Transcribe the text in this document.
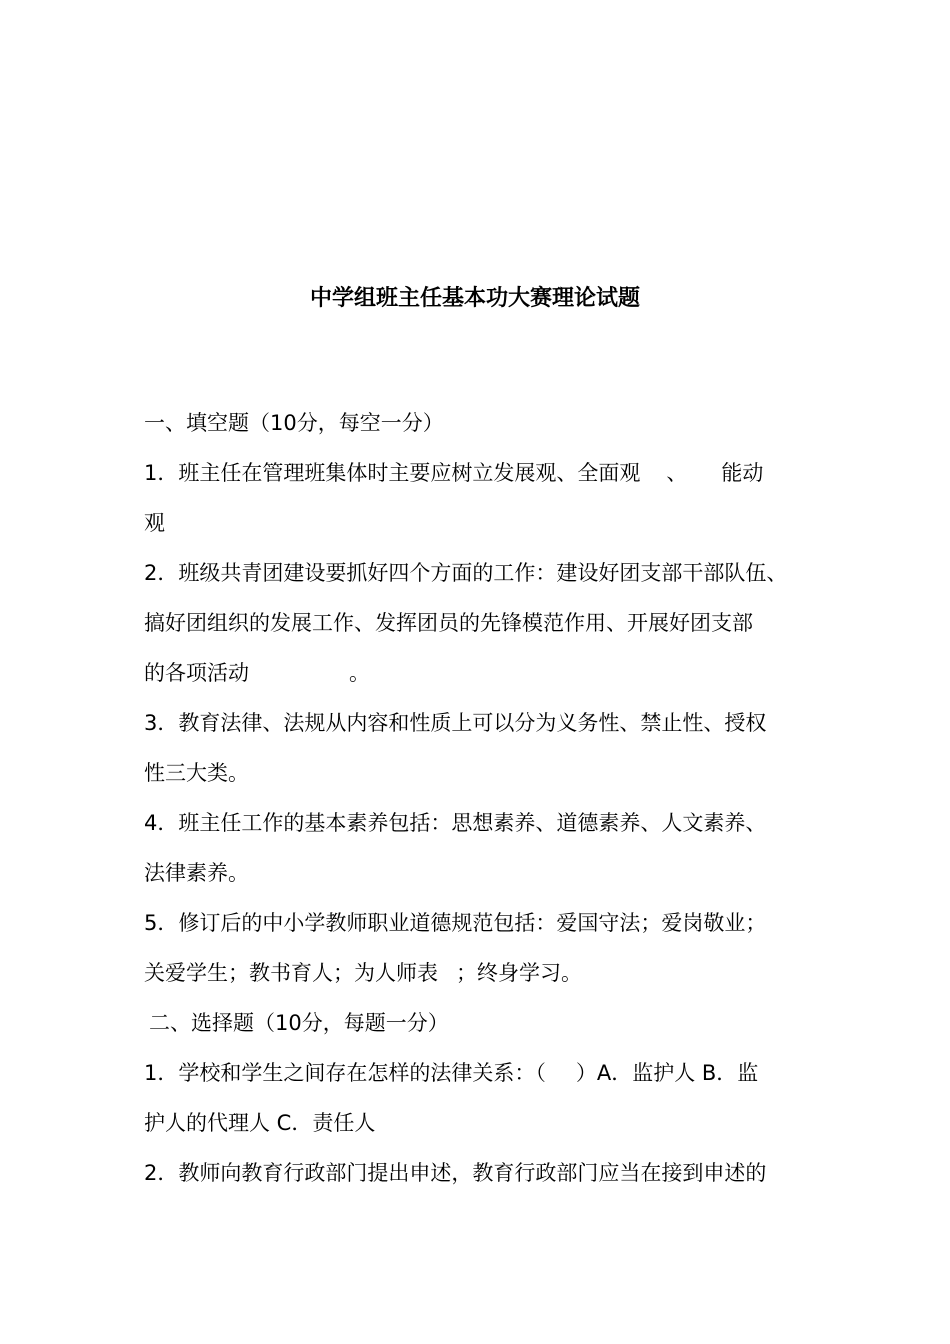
中学组班主任基本功大赛理论试题
一、填空题（10分，每空一分）
1．班主任在管理班集体时主要应树立发展观、全面观 、 能动
观
2．班级共青团建设要抓好四个方面的工作：建设好团支部干部队伍、
搞好团组织的发展工作、发挥团员的先锋模范作用、开展好团支部
的各项活动	。
3．教育法律、法规从内容和性质上可以分为义务性、禁止性、授权
性三大类。
4．班主任工作的基本素养包括：思想素养、道德素养、人文素养、
法律素养。
5．修订后的中小学教师职业道德规范包括：爱国守法；爱岗敬业；
关爱学生；教书育人；为人师表 ；终身学习。
二、选择题（10分，每题一分）
1．学校和学生之间存在怎样的法律关系：（ ）A．监护人 B．监
护人的代理人 C．责任人
2．教师向教育行政部门提出申述，教育行政部门应当在接到申述的
